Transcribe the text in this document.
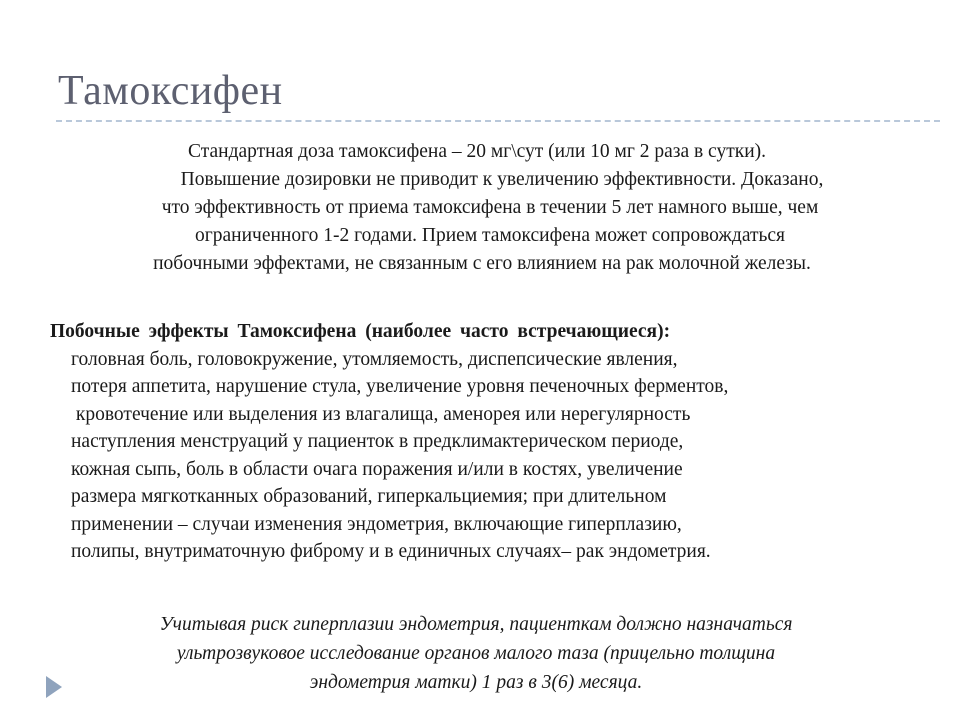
Тамоксифен
Стандартная доза тамоксифена – 20 мг\сут (или 10 мг 2 раза в сутки).
Повышение дозировки не приводит к увеличению эффективности. Доказано,
что эффективность от приема тамоксифена в течении 5 лет намного выше, чем
ограниченного 1-2 годами. Прием тамоксифена может сопровождаться
побочными эффектами, не связанным с его влиянием на рак молочной железы.
Побочные эффекты Тамоксифена (наиболее часто встречающиеся):
головная боль, головокружение, утомляемость, диспепсические явления,
потеря аппетита, нарушение стула, увеличение уровня печеночных ферментов,
кровотечение или выделения из влагалища, аменорея или нерегулярность
наступления менструаций у пациенток в предклимактерическом периоде,
кожная сыпь, боль в области очага поражения и/или в костях, увеличение
размера мягкотканных образований, гиперкальциемия; при длительном
применении – случаи изменения эндометрия, включающие гиперплазию,
полипы, внутриматочную фиброму и в единичных случаях– рак эндометрия.
Учитывая риск гиперплазии эндометрия, пациенткам должно назначаться
ультрозвуковое исследование органов малого таза (прицельно толщина
эндометрия матки) 1 раз в 3(6) месяца.
